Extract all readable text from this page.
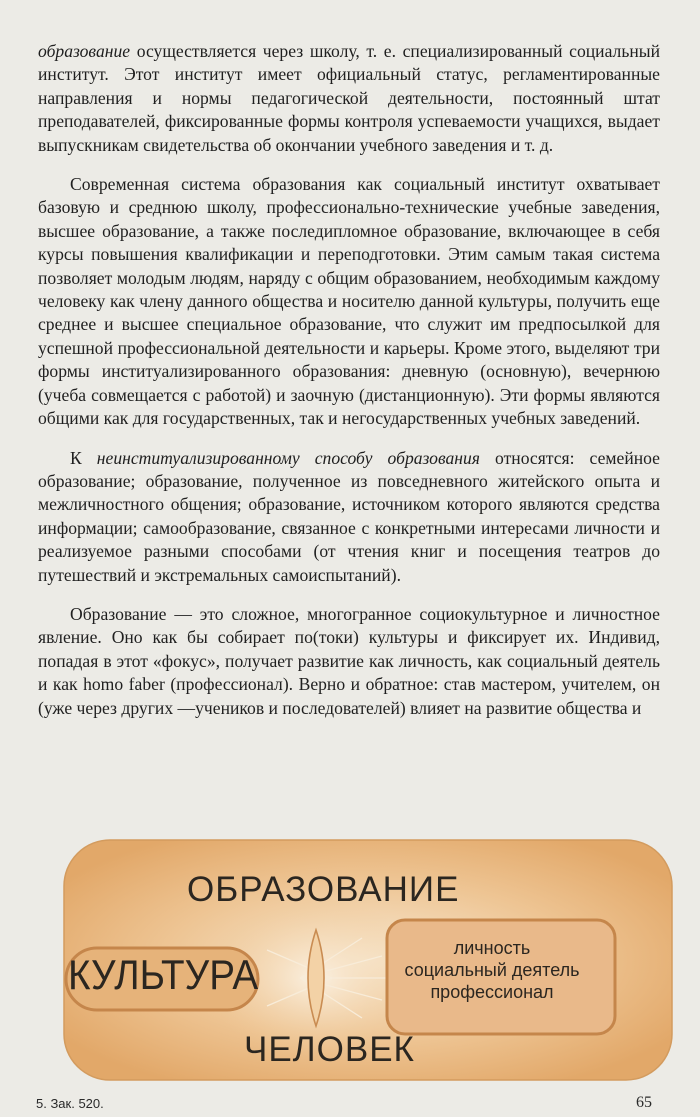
образование осуществляется через школу, т. е. специализированный социальный институт. Этот институт имеет официальный статус, регламентированные направления и нормы педагогической деятельности, постоянный штат преподавателей, фиксированные формы контроля успеваемости учащихся, выдает выпускникам свидетельства об окончании учебного заведения и т. д.

Современная система образования как социальный институт охватывает базовую и среднюю школу, профессионально-технические учебные заведения, высшее образование, а также последипломное образование, включающее в себя курсы повышения квалификации и переподготовки. Этим самым такая система позволяет молодым людям, наряду с общим образованием, необходимым каждому человеку как члену данного общества и носителю данной культуры, получить еще среднее и высшее специальное образование, что служит им предпосылкой для успешной профессиональной деятельности и карьеры. Кроме этого, выделяют три формы институализированного образования: дневную (основную), вечернюю (учеба совмещается с работой) и заочную (дистанционную). Эти формы являются общими как для государственных, так и негосударственных учебных заведений.

К неинституализированному способу образования относятся: семейное образование; образование, полученное из повседневного житейского опыта и межличностного общения; образование, источником которого являются средства информации; самообразование, связанное с конкретными интересами личности и реализуемое разными способами (от чтения книг и посещения театров до путешествий и экстремальных самоиспытаний).

Образование — это сложное, многогранное социокультурное и личностное явление. Оно как бы собирает по(токи) культуры и фиксирует их. Индивид, попадая в этот «фокус», получает развитие как личность, как социальный деятель и как homo faber (профессионал). Верно и обратное: став мастером, учителем, он (уже через других —учеников и последователей) влияет на развитие общества и

ОБРАЗОВАНИЕ
КУЛЬТУРА
личность
социальный деятель
профессионал
ЧЕЛОВЕК
5. Зак. 520.	65
